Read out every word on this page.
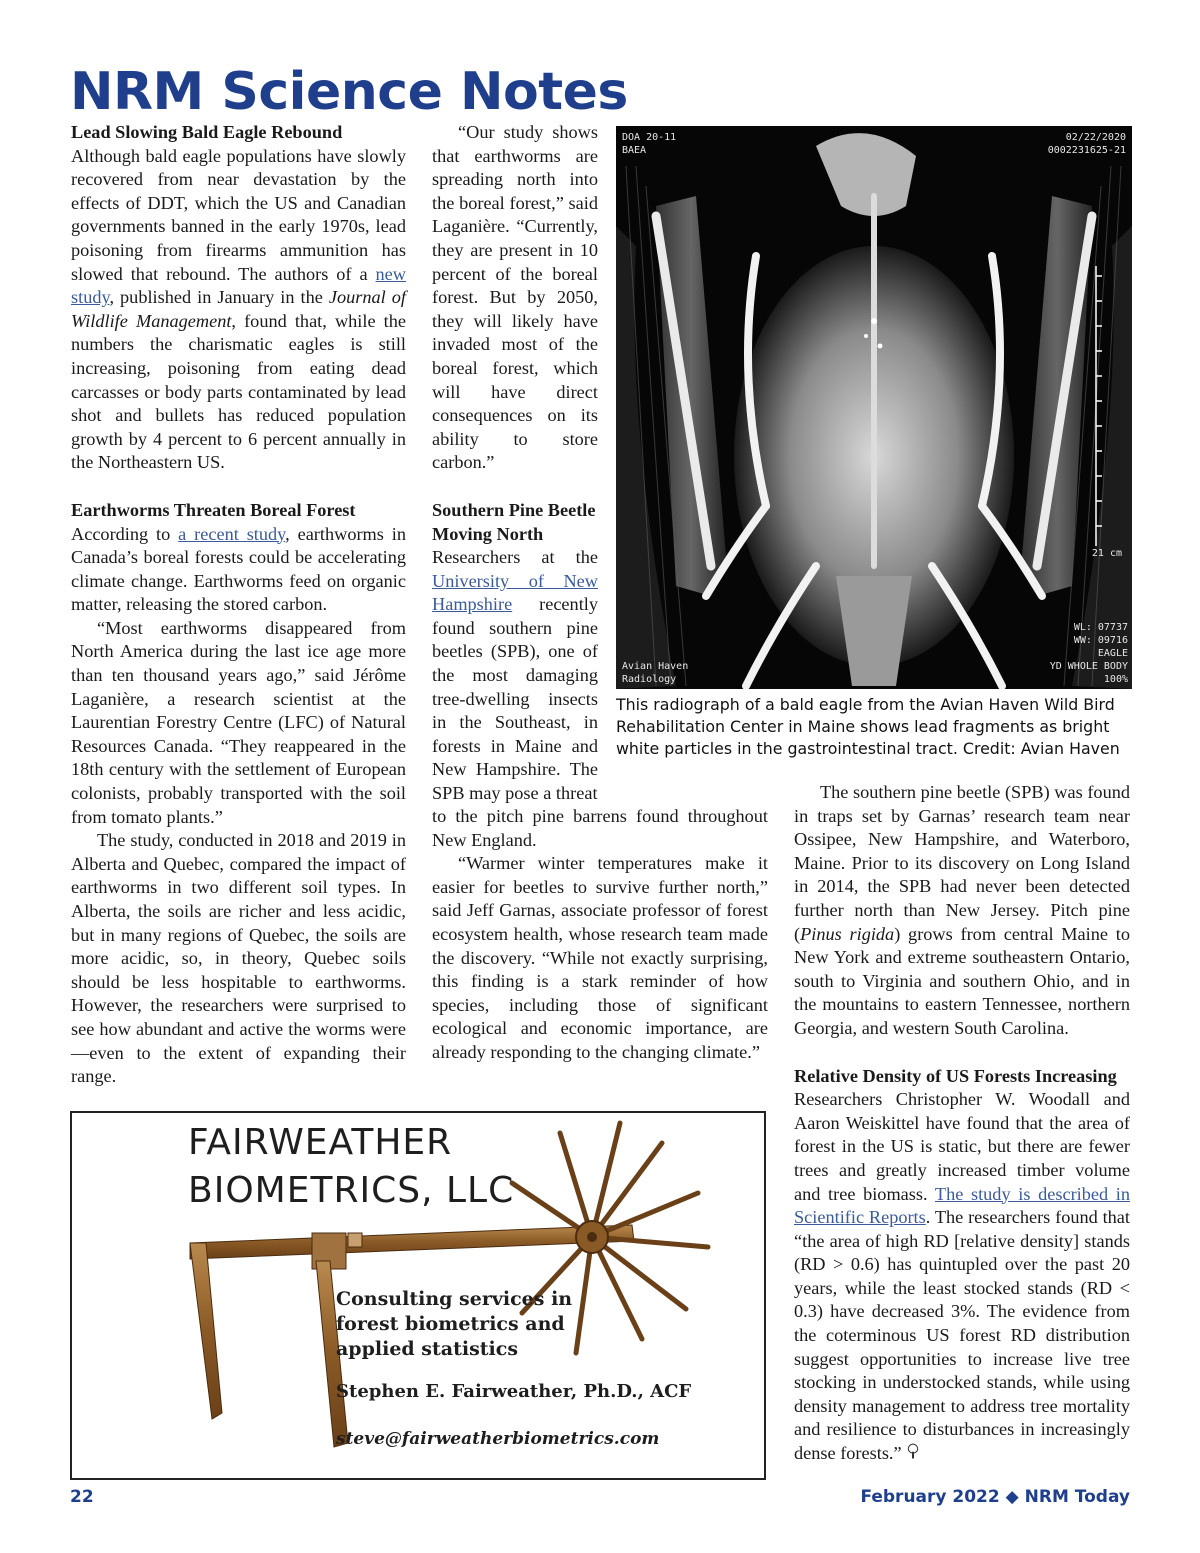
NRM Science Notes
Lead Slowing Bald Eagle Rebound

Although bald eagle populations have slowly recovered from near devastation by the effects of DDT, which the US and Canadian governments banned in the early 1970s, lead poisoning from firearms ammunition has slowed that rebound. The authors of a new study, published in January in the Journal of Wildlife Management, found that, while the numbers the charismatic eagles is still increasing, poisoning from eating dead carcasses or body parts contaminated by lead shot and bullets has reduced population growth by 4 percent to 6 percent annually in the Northeastern US.

Earthworms Threaten Boreal Forest

According to a recent study, earthworms in Canada’s boreal forests could be accelerating climate change. Earthworms feed on organic matter, releasing the stored carbon.

“Most earthworms disappeared from North America during the last ice age more than ten thousand years ago,” said Jérôme Laganière, a research scientist at the Laurentian Forestry Centre (LFC) of Natural Resources Canada. “They reappeared in the 18th century with the settlement of European colonists, probably transported with the soil from tomato plants.”

The study, conducted in 2018 and 2019 in Alberta and Quebec, compared the impact of earthworms in two different soil types. In Alberta, the soils are richer and less acidic, but in many regions of Quebec, the soils are more acidic, so, in theory, Quebec soils should be less hospitable to earthworms. However, the researchers were surprised to see how abundant and active the worms were—even to the extent of expanding their range.

“Our study shows that earthworms are spreading north into the boreal forest,” said Laganière. “Currently, they are present in 10 percent of the boreal forest. But by 2050, they will likely have invaded most of the boreal forest, which will have direct consequences on its ability to store carbon.”

Southern Pine Beetle Moving North

Researchers at the University of New Hampshire recently found southern pine beetles (SPB), one of the most damaging tree-dwelling insects in the Southeast, in forests in Maine and New Hampshire. The SPB may pose a threat

to the pitch pine barrens found throughout New England.

“Warmer winter temperatures make it easier for beetles to survive further north,” said Jeff Garnas, associate professor of forest ecosystem health, whose research team made the discovery. “While not exactly surprising, this finding is a stark reminder of how species, including those of significant ecological and economic importance, are already responding to the changing climate.”

DOA 20-11
BAEA
02/22/2020
0002231625-21
21 cm
WL: 07737
WW: 09716
EAGLE
YD WHOLE BODY
100%
Avian Haven
Radiology
This radiograph of a bald eagle from the Avian Haven Wild Bird Rehabilitation Center in Maine shows lead fragments as bright white particles in the gastrointestinal tract. Credit: Avian Haven

The southern pine beetle (SPB) was found in traps set by Garnas’ research team near Ossipee, New Hampshire, and Waterboro, Maine. Prior to its discovery on Long Island in 2014, the SPB had never been detected further north than New Jersey. Pitch pine (Pinus rigida) grows from central Maine to New York and extreme southeastern Ontario, south to Virginia and southern Ohio, and in the mountains to eastern Tennessee, northern Georgia, and western South Carolina.

Relative Density of US Forests Increasing

Researchers Christopher W. Woodall and Aaron Weiskittel have found that the area of forest in the US is static, but there are fewer trees and greatly increased timber volume and tree biomass. The study is described in Scientific Reports. The researchers found that “the area of high RD [relative density] stands (RD > 0.6) has quintupled over the past 20 years, while the least stocked stands (RD < 0.3) have decreased 3%. The evidence from the coterminous US forest RD distribution suggest opportunities to increase live tree stocking in understocked stands, while using density management to address tree mortality and resilience to disturbances in increasingly dense forests.”

FAIRWEATHER
BIOMETRICS, LLC
Consulting services in
forest biometrics and
applied statistics
Stephen E. Fairweather, Ph.D., ACF
steve@fairweatherbiometrics.com
22	February 2022 ◆ NRM Today
